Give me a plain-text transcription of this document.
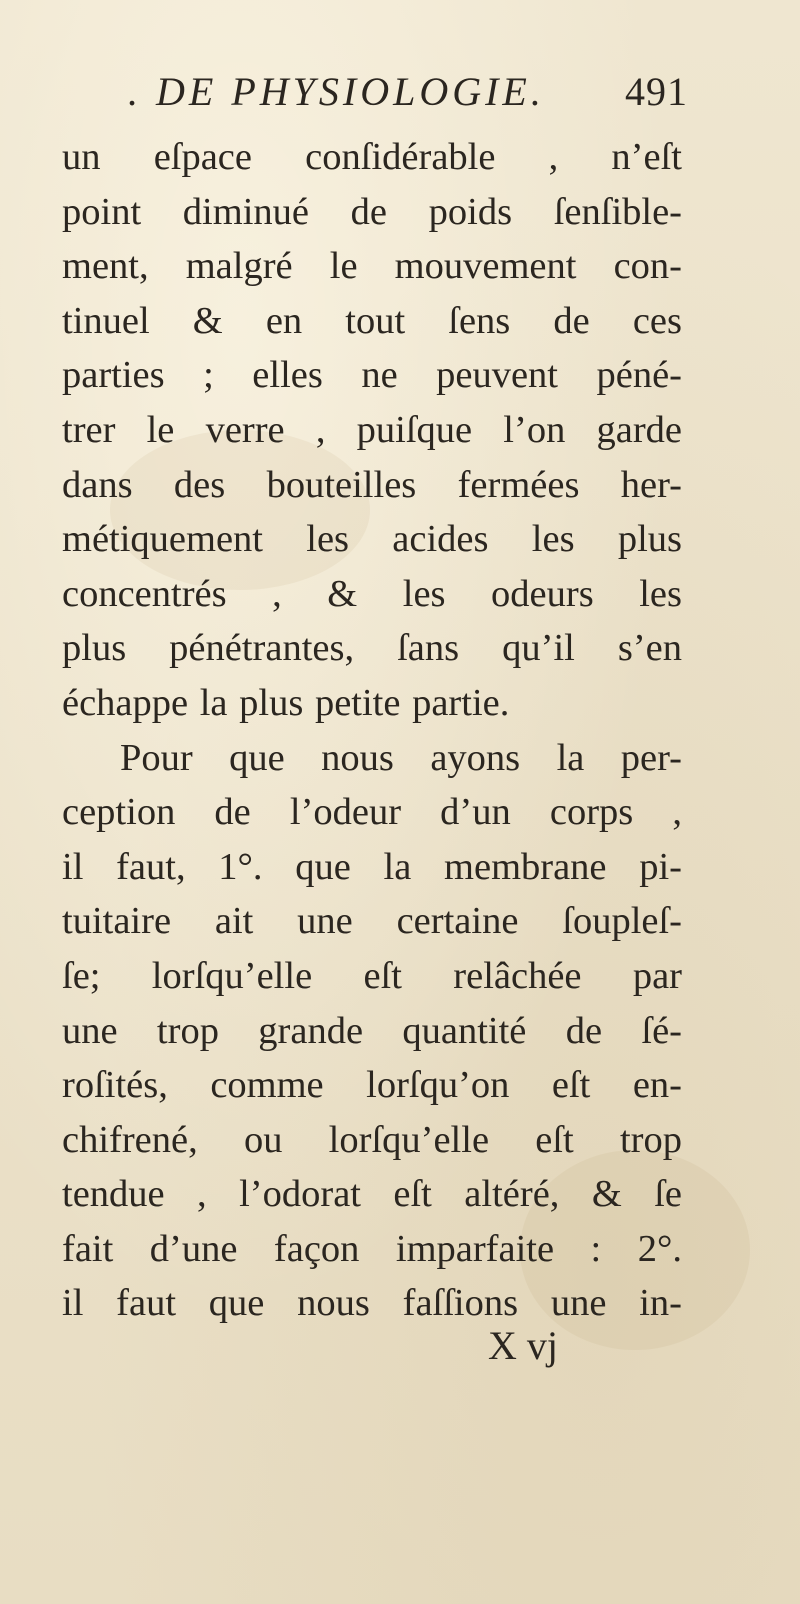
. DE PHYSIOLOGIE. 491
un eſpace conſidérable , n’eſt
point diminué de poids ſenſible-
ment, malgré le mouvement con-
tinuel & en tout ſens de ces
parties ; elles ne peuvent péné-
trer le verre , puiſque l’on garde
dans des bouteilles fermées her-
métiquement les acides les plus
concentrés , & les odeurs les
plus pénétrantes, ſans qu’il s’en
échappe la plus petite partie.
Pour que nous ayons la per-
ception de l’odeur d’un corps ,
il faut, 1°. que la membrane pi-
tuitaire ait une certaine ſoupleſ-
ſe; lorſqu’elle eſt relâchée par
une trop grande quantité de ſé-
roſités, comme lorſqu’on eſt en-
chifrené, ou lorſqu’elle eſt trop
tendue , l’odorat eſt altéré, & ſe
fait d’une façon imparfaite : 2°.
il faut que nous faſſions une in-
X vj
